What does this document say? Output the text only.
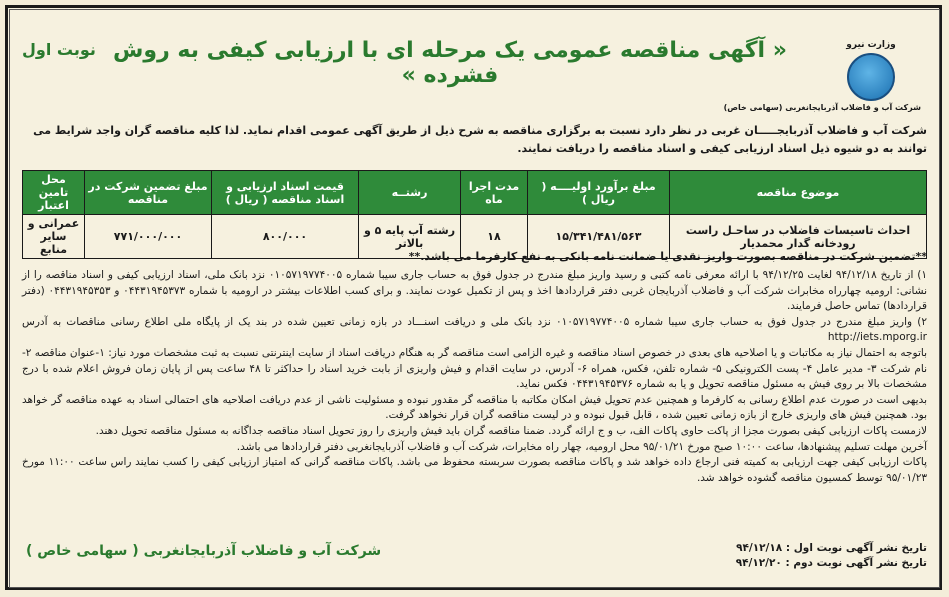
نوبت اول « آگهی مناقصه عمومی یک مرحله ای با ارزیابی کیفی به روش فشرده »
وزارت نیرو
شرکت آب و فاضلاب آذربایجانغربی (سهامی خاص)
شرکت آب و فاضلاب آذربایجـــــان غربی در نظر دارد نسبت به برگزاری مناقصه به شرح ذیل از طریق آگهی عمومی اقدام نماید. لذا کلیه مناقصه گران واجد شرایط می توانند به دو شیوه ذیل اسناد ارزیابی کیفی و اسناد مناقصه را دریافت نمایند.
موضوع مناقصه	مبلغ برآورد اولیــــه ( ریال )	مدت اجرا ماه	رشتــه	قیمت اسناد ارزیابی و اسناد مناقصه ( ریال )	مبلغ تضمین شرکت در مناقصه	محل تامین اعتبار
احداث تاسیسات فاضلاب در ساحـل راست رودخانه گدار محمدیار	۱۵/۳۴۱/۴۸۱/۵۶۳	۱۸	رشته آب پایه ۵ و بالاتر	۸۰۰/۰۰۰	۷۷۱/۰۰۰/۰۰۰	عمرانی و سایر منابع
**تضمین شرکت در مناقصه بصورت واریز نقدی یا ضمانت نامه بانکی به نفع کارفرما می باشد.**

۱) از تاریخ ۹۴/۱۲/۱۸ لغایت ۹۴/۱۲/۲۵ با ارائه معرفی نامه کتبی و رسید واریز مبلغ مندرج در جدول فوق به حساب جاری سیبا شماره ۰۱۰۵۷۱۹۷۷۴۰۰۵ نزد بانک ملی، اسناد ارزیابی کیفی و اسناد مناقصه را از نشانی: ارومیه چهارراه مخابرات شرکت آب و فاضلاب آذربایجان غربی دفتر قراردادها اخذ و پس از تکمیل عودت نمایند. و برای کسب اطلاعات بیشتر در ارومیه با شماره ۰۴۴۳۱۹۴۵۳۷۳ و ۰۴۴۳۱۹۴۵۳۵۳ (دفتر قراردادها) تماس حاصل فرمایند.

۲) واریز مبلغ مندرج در جدول فوق به حساب جاری سیبا شماره ۰۱۰۵۷۱۹۷۷۴۰۰۵ نزد بانک ملی و دریافت اسنـــاد در بازه زمانی تعیین شده در بند یک از پایگاه ملی اطلاع رسانی مناقصات به آدرس http://iets.mporg.ir

باتوجه به احتمال نیاز به مکاتبات و یا اصلاحیه های بعدی در خصوص اسناد مناقصه و غیره الزامی است مناقصه گر به هنگام دریافت اسناد از سایت اینترنتی نسبت به ثبت مشخصات مورد نیاز: ۱-عنوان مناقصه ۲- نام شرکت ۳- مدیر عامل ۴- پست الکترونیکی ۵- شماره تلفن، فکس، همراه ۶- آدرس، در سایت اقدام و فیش واریزی از بابت خرید اسناد را حداکثر تا ۴۸ ساعت پس از پایان زمان فروش اعلام شده با درج مشخصات بالا بر روی فیش به مسئول مناقصه تحویل و یا به شماره ۰۴۴۳۱۹۴۵۳۷۶ فکس نماید.

بدیهی است در صورت عدم اطلاع رسانی به کارفرما و همچنین عدم تحویل فیش امکان مکاتبه با مناقصه گر مقدور نبوده و مسئولیت ناشی از عدم دریافت اصلاحیه های احتمالی اسناد به عهده مناقصه گر خواهد بود. همچنین فیش های واریزی خارج از بازه زمانی تعیین شده ، قابل قبول نبوده و در لیست مناقصه گران قرار نخواهد گرفت.

لازمست پاکات ارزیابی کیفی بصورت مجزا از پاکت حاوی پاکات الف، ب و ج ارائه گردد. ضمنا مناقصه گران باید فیش واریزی را روز تحویل اسناد مناقصه جداگانه به مسئول مناقصه تحویل دهند.

آخرین مهلت تسلیم پیشنهادها، ساعت ۱۰:۰۰ صبح مورخ ۹۵/۰۱/۲۱ محل ارومیه، چهار راه مخابرات، شرکت آب و فاضلاب آذربایجانغربی دفتر قراردادها می باشد.

پاکات ارزیابی کیفی جهت ارزیابی به کمیته فنی ارجاع داده خواهد شد و پاکات مناقصه بصورت سربسته محفوظ می باشد. پاکات مناقصه گرانی که امتیاز ارزیابی کیفی را کسب نمایند راس ساعت ۱۱:۰۰ مورخ ۹۵/۰۱/۲۳ توسط کمسیون مناقصه گشوده خواهد شد.

تاریخ نشر آگهی نوبت اول : ۹۴/۱۲/۱۸
تاریخ نشر آگهی نوبت دوم : ۹۴/۱۲/۲۰
شرکت آب و فاضلاب آذربایجانغربی ( سهامی خاص )
